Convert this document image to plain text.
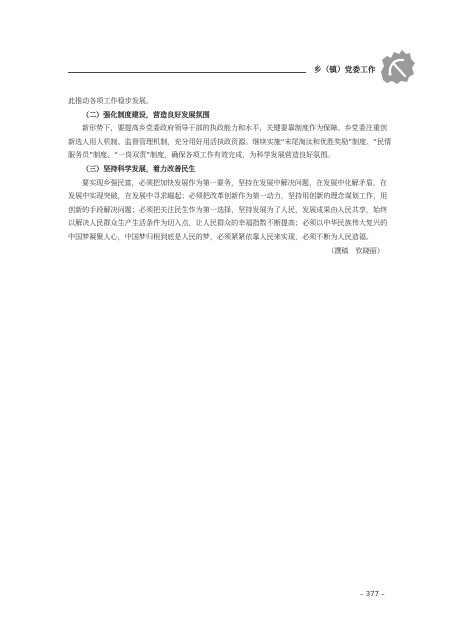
乡（镇）党委工作

此推动各项工作稳步发展。

（二）强化制度建设，营造良好发展氛围

新形势下，要提高乡党委政府领导干部的执政能力和水平，关键要靠制度作为保障。乡党委注重创新选人用人机制、监督管理机制，充分用好用活执政资源。继续实施“末尾淘汰和优胜奖励”制度、“民情服务员”制度、“一岗双责”制度，确保各项工作有效完成，为科学发展营造良好氛围。

（三）坚持科学发展，着力改善民生

要实现乡强民富，必须把加快发展作为第一要务，坚持在发展中解决问题，在发展中化解矛盾，在发展中实现突破，在发展中寻求崛起；必须把改革创新作为第一动力，坚持用创新的理念谋划工作，用创新的手段解决问题；必须把关注民生作为第一选择，坚持发展为了人民，发展成果由人民共享，始终以解决人民群众生产生活条件为切入点，让人民群众的幸福指数不断提高；必须以中华民族伟大复兴的中国梦凝聚人心，中国梦归根到底是人民的梦，必须紧紧依靠人民来实现，必须不断为人民造福。

（撰稿　钦晓丽）

– 377 –
